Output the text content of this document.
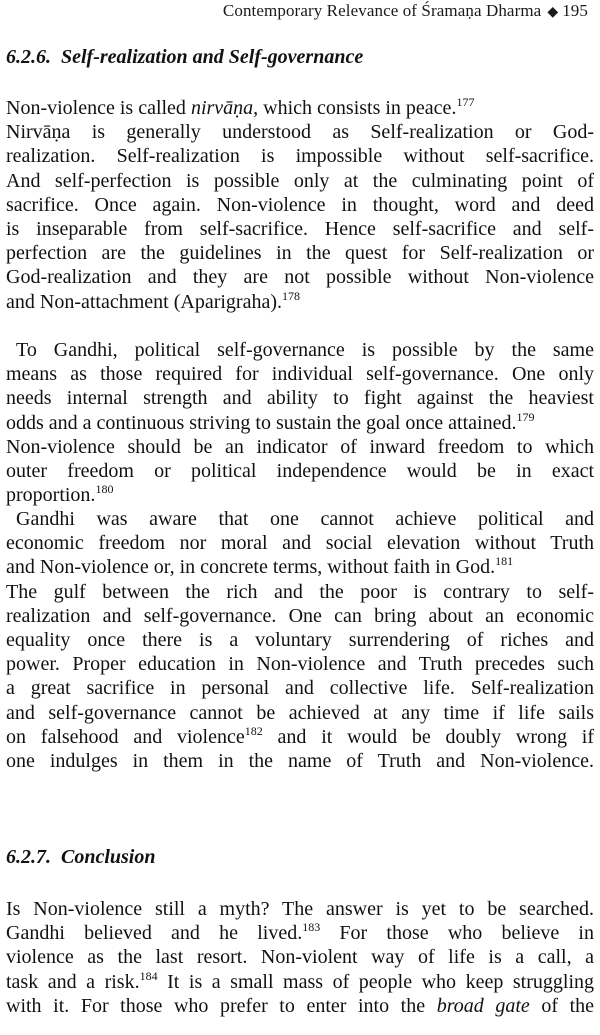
Contemporary Relevance of Śramaṇa Dharma ◆ 195
6.2.6. Self-realization and Self-governance
Non-violence is called nirvāṇa, which consists in peace.$^{177}$
Nirvāṇa is generally understood as Self-realization or God-
realization. Self-realization is impossible without self-sacrifice.
And self-perfection is possible only at the culminating point of
sacrifice. Once again. Non-violence in thought, word and deed
is inseparable from self-sacrifice. Hence self-sacrifice and self-
perfection are the guidelines in the quest for Self-realization or
God-realization and they are not possible without Non-violence
and Non-attachment (Aparigraha).$^{178}$
To Gandhi, political self-governance is possible by the same
means as those required for individual self-governance. One only
needs internal strength and ability to fight against the heaviest
odds and a continuous striving to sustain the goal once attained.$^{179}$
Non-violence should be an indicator of inward freedom to which
outer freedom or political independence would be in exact
proportion.$^{180}$
Gandhi was aware that one cannot achieve political and
economic freedom nor moral and social elevation without Truth
and Non-violence or, in concrete terms, without faith in God.$^{181}$
The gulf between the rich and the poor is contrary to self-
realization and self-governance. One can bring about an economic
equality once there is a voluntary surrendering of riches and
power. Proper education in Non-violence and Truth precedes such
a great sacrifice in personal and collective life. Self-realization
and self-governance cannot be achieved at any time if life sails
on falsehood and violence$^{182}$ and it would be doubly wrong if
one indulges in them in the name of Truth and Non-violence.
6.2.7. Conclusion
Is Non-violence still a myth? The answer is yet to be searched.
Gandhi believed and he lived.$^{183}$ For those who believe in
violence as the last resort. Non-violent way of life is a call, a
task and a risk.$^{184}$ It is a small mass of people who keep struggling
with it. For those who prefer to enter into the broad gate of the
